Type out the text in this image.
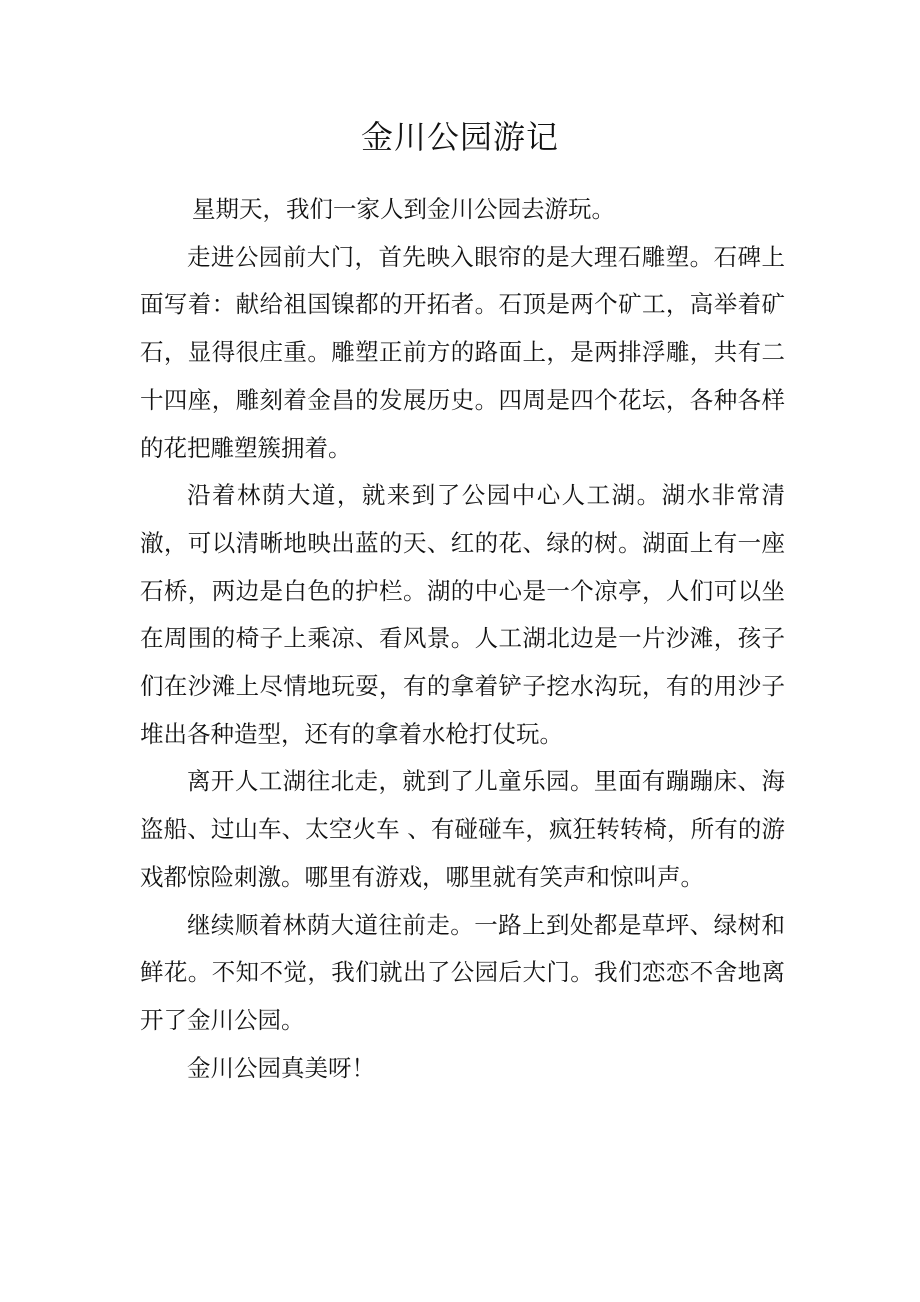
金川公园游记

星期天，我们一家人到金川公园去游玩。

走进公园前大门，首先映入眼帘的是大理石雕塑。石碑上面写着：献给祖国镍都的开拓者。石顶是两个矿工，高举着矿石，显得很庄重。雕塑正前方的路面上，是两排浮雕，共有二十四座，雕刻着金昌的发展历史。四周是四个花坛，各种各样的花把雕塑簇拥着。

沿着林荫大道，就来到了公园中心人工湖。湖水非常清澈，可以清晰地映出蓝的天、红的花、绿的树。湖面上有一座石桥，两边是白色的护栏。湖的中心是一个凉亭，人们可以坐在周围的椅子上乘凉、看风景。人工湖北边是一片沙滩，孩子们在沙滩上尽情地玩耍，有的拿着铲子挖水沟玩，有的用沙子堆出各种造型，还有的拿着水枪打仗玩。

离开人工湖往北走，就到了儿童乐园。里面有蹦蹦床、海盗船、过山车、太空火车 、有碰碰车，疯狂转转椅，所有的游戏都惊险刺激。哪里有游戏，哪里就有笑声和惊叫声。

继续顺着林荫大道往前走。一路上到处都是草坪、绿树和鲜花。不知不觉，我们就出了公园后大门。我们恋恋不舍地离开了金川公园。

金川公园真美呀！
